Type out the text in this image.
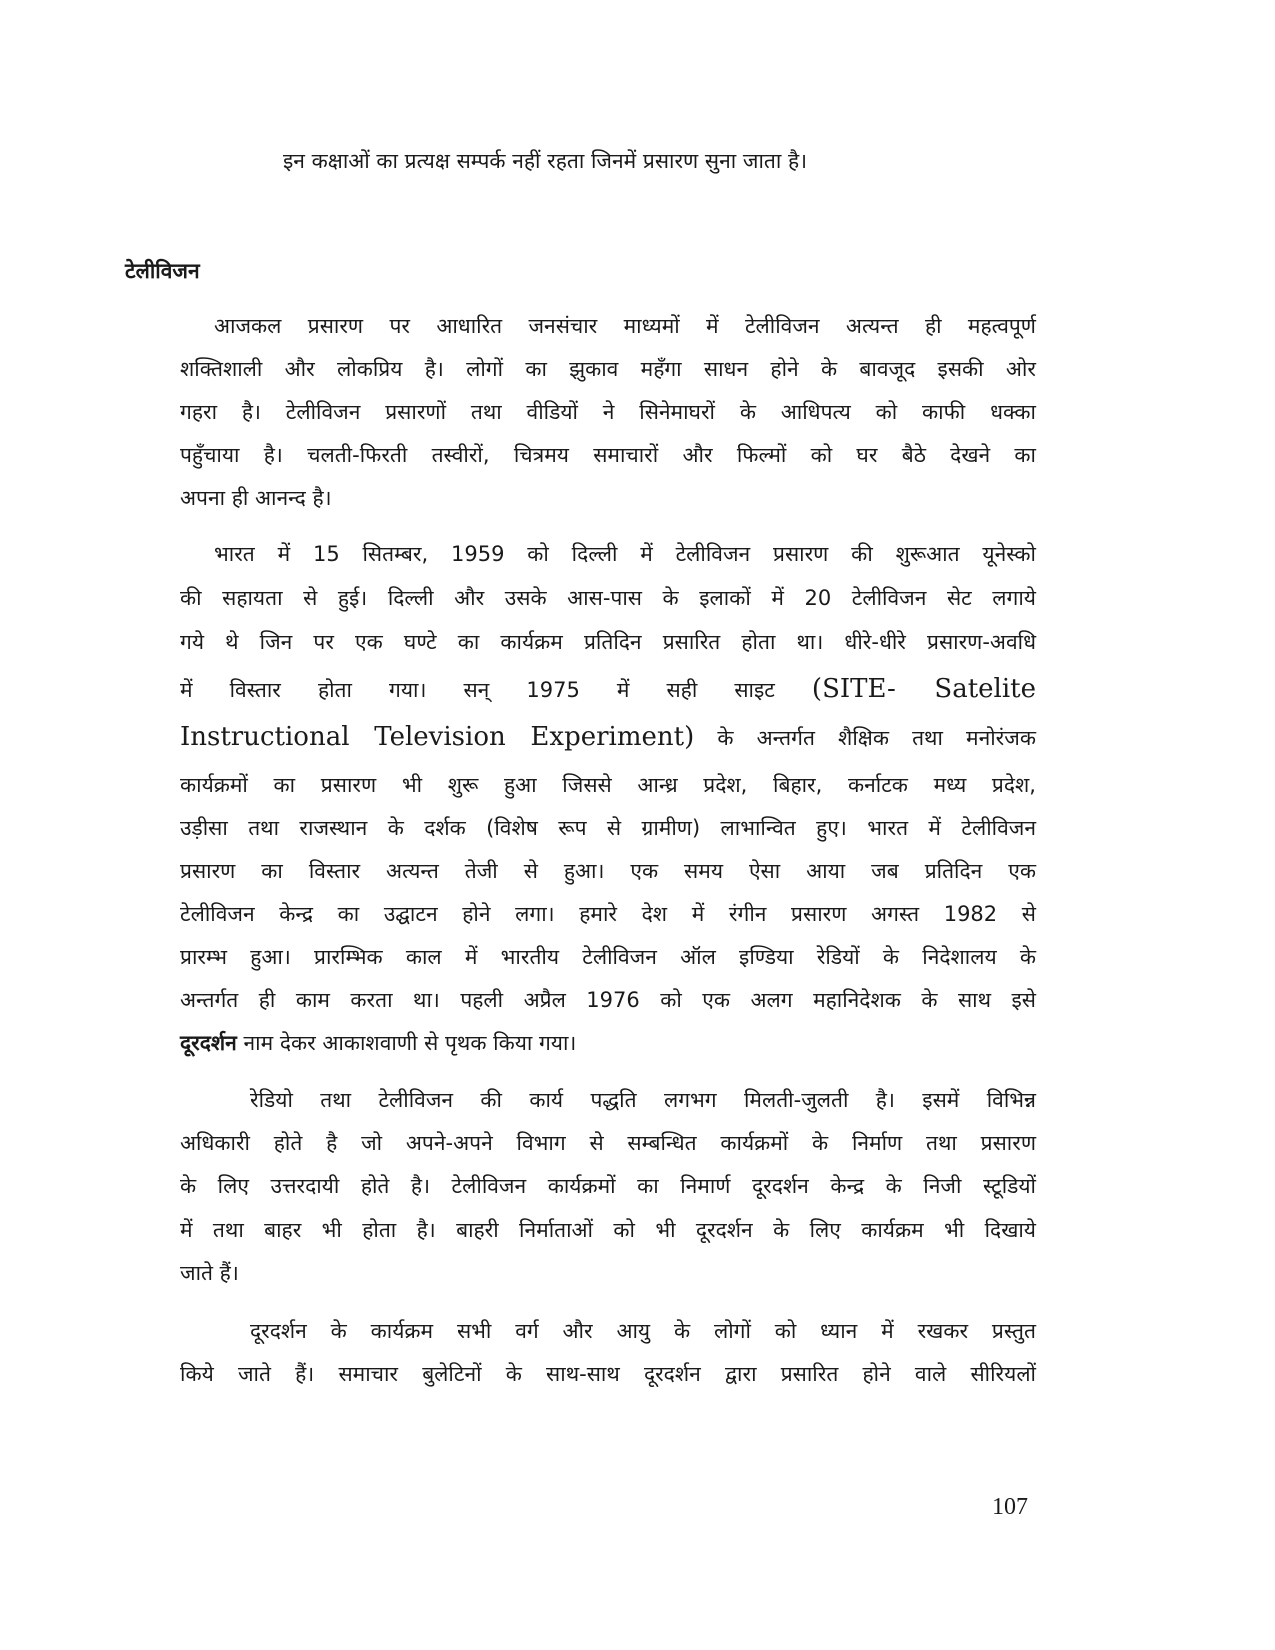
इन कक्षाओं का प्रत्यक्ष सम्पर्क नहीं रहता जिनमें प्रसारण सुना जाता है।
टेलीविजन
आजकल प्रसारण पर आधारित जनसंचार माध्यमों में टेलीविजन अत्यन्त ही महत्वपूर्ण
शक्तिशाली और लोकप्रिय है। लोगों का झुकाव महँगा साधन होने के बावजूद इसकी ओर
गहरा है। टेलीविजन प्रसारणों तथा वीडियों ने सिनेमाघरों के आधिपत्य को काफी धक्का
पहुँचाया है। चलती-फिरती तस्वीरों, चित्रमय समाचारों और फिल्मों को घर बैठे देखने का
अपना ही आनन्द है।
भारत में 15 सितम्बर, 1959 को दिल्ली में टेलीविजन प्रसारण की शुरूआत यूनेस्को
की सहायता से हुई। दिल्ली और उसके आस-पास के इलाकों में 20 टेलीविजन सेट लगाये
गये थे जिन पर एक घण्टे का कार्यक्रम प्रतिदिन प्रसारित होता था। धीरे-धीरे प्रसारण-अवधि
में विस्तार होता गया। सन् 1975 में सही साइट (SITE- Satelite
Instructional Television Experiment) के अन्तर्गत शैक्षिक तथा मनोरंजक
कार्यक्रमों का प्रसारण भी शुरू हुआ जिससे आन्ध्र प्रदेश, बिहार, कर्नाटक मध्य प्रदेश,
उड़ीसा तथा राजस्थान के दर्शक (विशेष रूप से ग्रामीण) लाभान्वित हुए। भारत में टेलीविजन
प्रसारण का विस्तार अत्यन्त तेजी से हुआ। एक समय ऐसा आया जब प्रतिदिन एक
टेलीविजन केन्द्र का उद्घाटन होने लगा। हमारे देश में रंगीन प्रसारण अगस्त 1982 से
प्रारम्भ हुआ। प्रारम्भिक काल में भारतीय टेलीविजन ऑल इण्डिया रेडियों के निदेशालय के
अन्तर्गत ही काम करता था। पहली अप्रैल 1976 को एक अलग महानिदेशक के साथ इसे
दूरदर्शन नाम देकर आकाशवाणी से पृथक किया गया।
रेडियो तथा टेलीविजन की कार्य पद्धति लगभग मिलती-जुलती है। इसमें विभिन्न
अधिकारी होते है जो अपने-अपने विभाग से सम्बन्धित कार्यक्रमों के निर्माण तथा प्रसारण
के लिए उत्तरदायी होते है। टेलीविजन कार्यक्रमों का निमार्ण दूरदर्शन केन्द्र के निजी स्टूडियों
में तथा बाहर भी होता है। बाहरी निर्माताओं को भी दूरदर्शन के लिए कार्यक्रम भी दिखाये
जाते हैं।
दूरदर्शन के कार्यक्रम सभी वर्ग और आयु के लोगों को ध्यान में रखकर प्रस्तुत
किये जाते हैं। समाचार बुलेटिनों के साथ-साथ दूरदर्शन द्वारा प्रसारित होने वाले सीरियलों
107
